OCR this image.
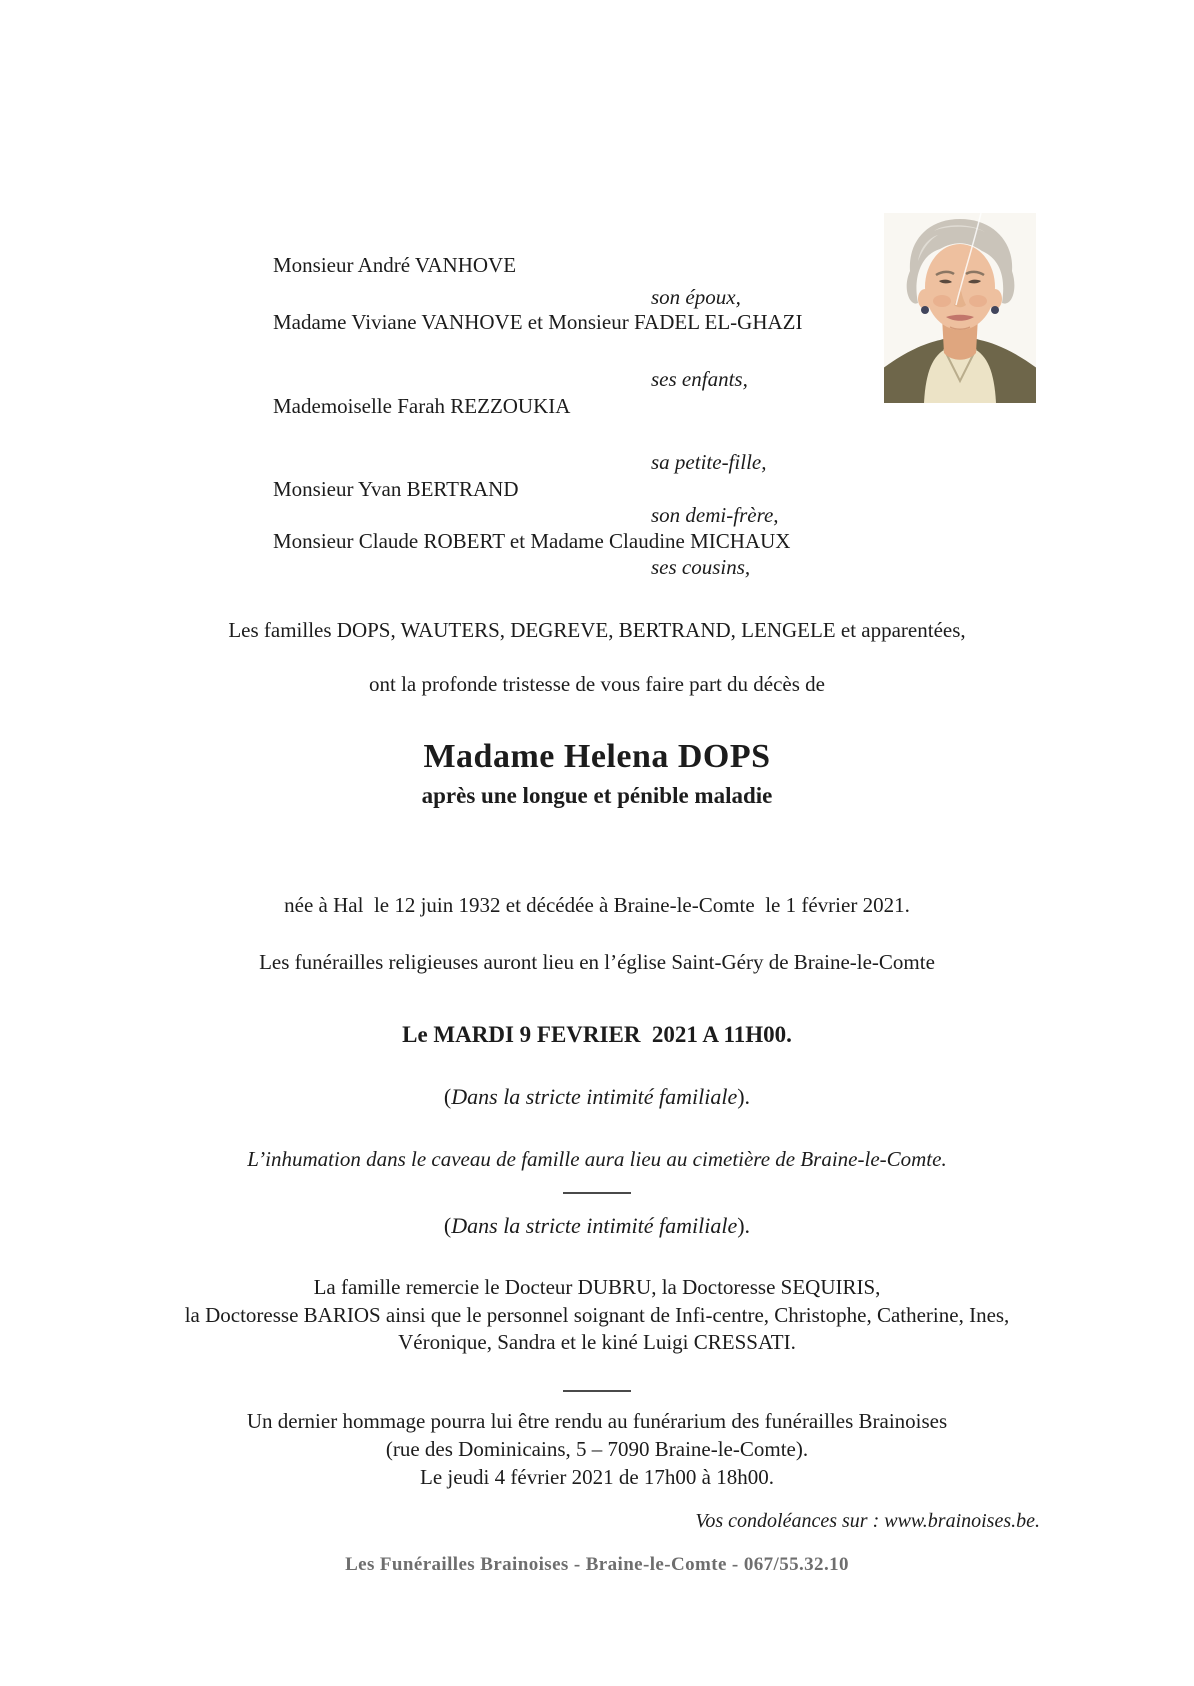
Monsieur André VANHOVE
son époux,
Madame Viviane VANHOVE et Monsieur FADEL EL-GHAZI
ses enfants,
Mademoiselle Farah REZZOUKIA
sa petite-fille,
Monsieur Yvan BERTRAND
son demi-frère,
Monsieur Claude ROBERT et Madame Claudine MICHAUX
ses cousins,
Les familles DOPS, WAUTERS, DEGREVE, BERTRAND, LENGELE et apparentées,
ont la profonde tristesse de vous faire part du décès de
Madame Helena DOPS
après une longue et pénible maladie
née à Hal  le 12 juin 1932 et décédée à Braine-le-Comte  le 1 février 2021.
Les funérailles religieuses auront lieu en l’église Saint-Géry de Braine-le-Comte
Le MARDI 9 FEVRIER  2021 A 11H00.
(Dans la stricte intimité familiale).
L’inhumation dans le caveau de famille aura lieu au cimetière de Braine-le-Comte.
(Dans la stricte intimité familiale).
La famille remercie le Docteur DUBRU, la Doctoresse SEQUIRIS,
la Doctoresse BARIOS ainsi que le personnel soignant de Infi-centre, Christophe, Catherine, Ines,
Véronique, Sandra et le kiné Luigi CRESSATI.
Un dernier hommage pourra lui être rendu au funérarium des funérailles Brainoises
(rue des Dominicains, 5 – 7090 Braine-le-Comte).
Le jeudi 4 février 2021 de 17h00 à 18h00.
Vos condoléances sur : www.brainoises.be.
Les Funérailles Brainoises - Braine-le-Comte - 067/55.32.10
